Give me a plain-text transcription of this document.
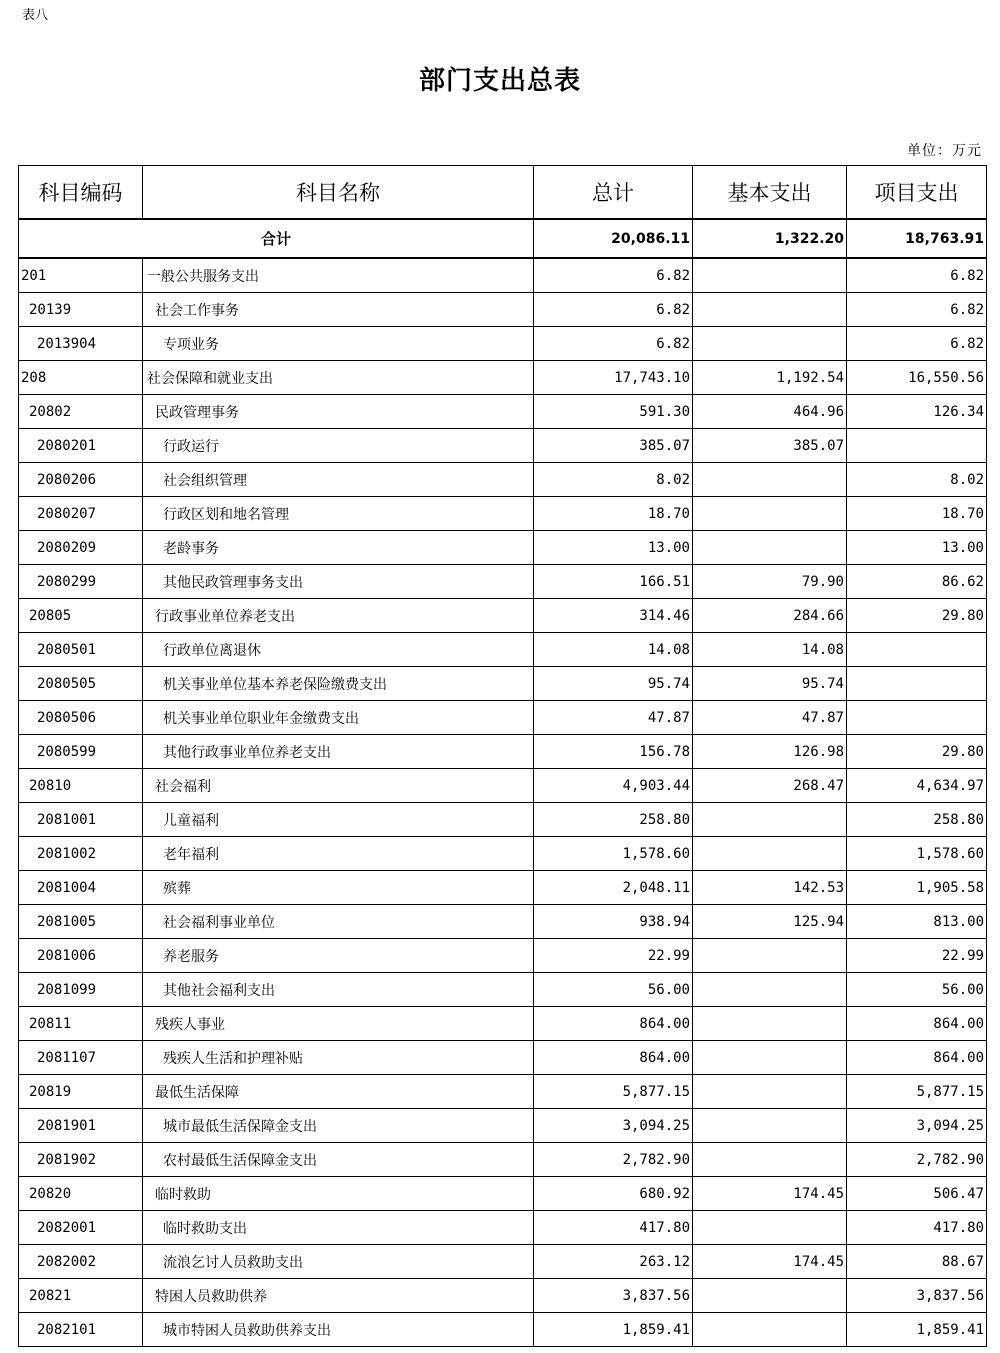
表八
部门支出总表
单位：万元
科目编码	科目名称	总计	基本支出	项目支出
合计		20,086.11	1,322.20	18,763.91
201	一般公共服务支出	6.82		6.82
20139	社会工作事务	6.82		6.82
2013904	专项业务	6.82		6.82
208	社会保障和就业支出	17,743.10	1,192.54	16,550.56
20802	民政管理事务	591.30	464.96	126.34
2080201	行政运行	385.07	385.07	
2080206	社会组织管理	8.02		8.02
2080207	行政区划和地名管理	18.70		18.70
2080209	老龄事务	13.00		13.00
2080299	其他民政管理事务支出	166.51	79.90	86.62
20805	行政事业单位养老支出	314.46	284.66	29.80
2080501	行政单位离退休	14.08	14.08	
2080505	机关事业单位基本养老保险缴费支出	95.74	95.74	
2080506	机关事业单位职业年金缴费支出	47.87	47.87	
2080599	其他行政事业单位养老支出	156.78	126.98	29.80
20810	社会福利	4,903.44	268.47	4,634.97
2081001	儿童福利	258.80		258.80
2081002	老年福利	1,578.60		1,578.60
2081004	殡葬	2,048.11	142.53	1,905.58
2081005	社会福利事业单位	938.94	125.94	813.00
2081006	养老服务	22.99		22.99
2081099	其他社会福利支出	56.00		56.00
20811	残疾人事业	864.00		864.00
2081107	残疾人生活和护理补贴	864.00		864.00
20819	最低生活保障	5,877.15		5,877.15
2081901	城市最低生活保障金支出	3,094.25		3,094.25
2081902	农村最低生活保障金支出	2,782.90		2,782.90
20820	临时救助	680.92	174.45	506.47
2082001	临时救助支出	417.80		417.80
2082002	流浪乞讨人员救助支出	263.12	174.45	88.67
20821	特困人员救助供养	3,837.56		3,837.56
2082101	城市特困人员救助供养支出	1,859.41		1,859.41
